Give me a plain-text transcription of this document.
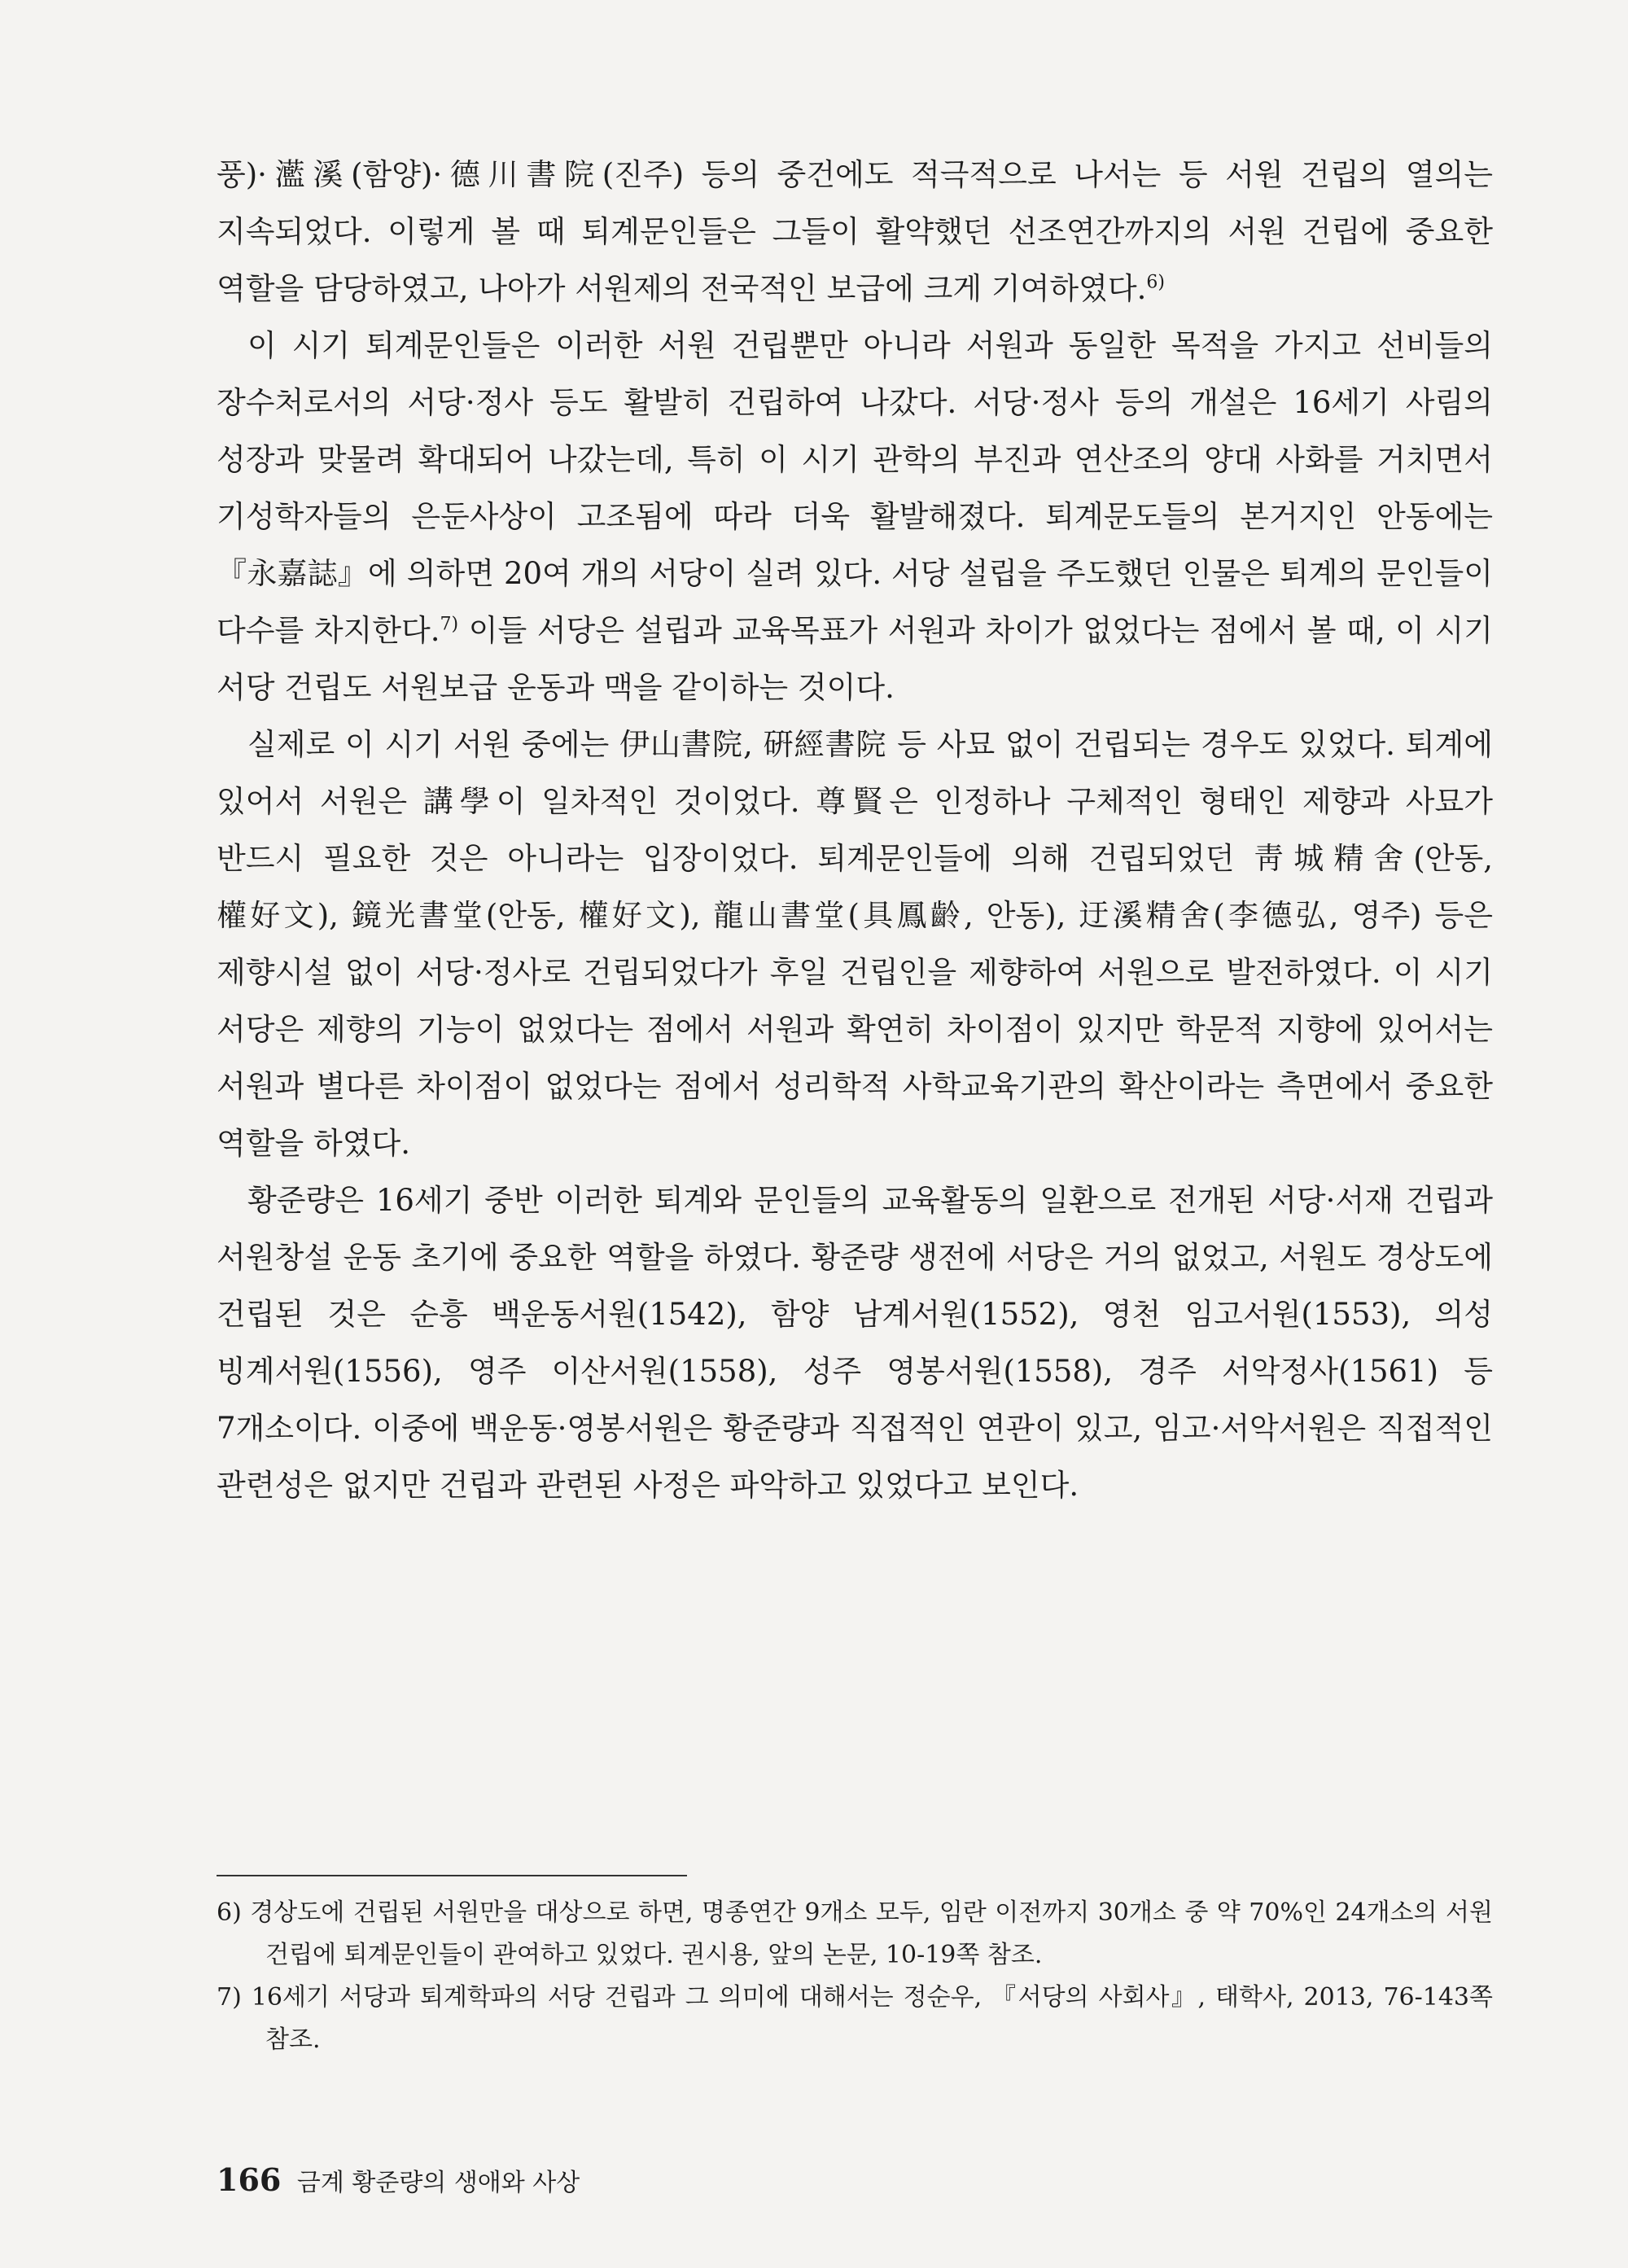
풍)·灆溪(함양)·德川書院(진주) 등의 중건에도 적극적으로 나서는 등 서원 건립의 열의는 지속되었다. 이렇게 볼 때 퇴계문인들은 그들이 활약했던 선조연간까지의 서원 건립에 중요한 역할을 담당하였고, 나아가 서원제의 전국적인 보급에 크게 기여하였다.$^{6)}$

이 시기 퇴계문인들은 이러한 서원 건립뿐만 아니라 서원과 동일한 목적을 가지고 선비들의 장수처로서의 서당·정사 등도 활발히 건립하여 나갔다. 서당·정사 등의 개설은 16세기 사림의 성장과 맞물려 확대되어 나갔는데, 특히 이 시기 관학의 부진과 연산조의 양대 사화를 거치면서 기성학자들의 은둔사상이 고조됨에 따라 더욱 활발해졌다. 퇴계문도들의 본거지인 안동에는 『永嘉誌』에 의하면 20여 개의 서당이 실려 있다. 서당 설립을 주도했던 인물은 퇴계의 문인들이 다수를 차지한다.$^{7)}$ 이들 서당은 설립과 교육목표가 서원과 차이가 없었다는 점에서 볼 때, 이 시기 서당 건립도 서원보급 운동과 맥을 같이하는 것이다.

실제로 이 시기 서원 중에는 伊山書院, 硏經書院 등 사묘 없이 건립되는 경우도 있었다. 퇴계에 있어서 서원은 講學이 일차적인 것이었다. 尊賢은 인정하나 구체적인 형태인 제향과 사묘가 반드시 필요한 것은 아니라는 입장이었다. 퇴계문인들에 의해 건립되었던 靑城精舍(안동, 權好文), 鏡光書堂(안동, 權好文), 龍山書堂(具鳳齡, 안동), 迂溪精舍(李德弘, 영주) 등은 제향시설 없이 서당·정사로 건립되었다가 후일 건립인을 제향하여 서원으로 발전하였다. 이 시기 서당은 제향의 기능이 없었다는 점에서 서원과 확연히 차이점이 있지만 학문적 지향에 있어서는 서원과 별다른 차이점이 없었다는 점에서 성리학적 사학교육기관의 확산이라는 측면에서 중요한 역할을 하였다.

황준량은 16세기 중반 이러한 퇴계와 문인들의 교육활동의 일환으로 전개된 서당·서재 건립과 서원창설 운동 초기에 중요한 역할을 하였다. 황준량 생전에 서당은 거의 없었고, 서원도 경상도에 건립된 것은 순흥 백운동서원(1542), 함양 남계서원(1552), 영천 임고서원(1553), 의성 빙계서원(1556), 영주 이산서원(1558), 성주 영봉서원(1558), 경주 서악정사(1561) 등 7개소이다. 이중에 백운동·영봉서원은 황준량과 직접적인 연관이 있고, 임고·서악서원은 직접적인 관련성은 없지만 건립과 관련된 사정은 파악하고 있었다고 보인다.

6) 경상도에 건립된 서원만을 대상으로 하면, 명종연간 9개소 모두, 임란 이전까지 30개소 중 약 70%인 24개소의 서원 건립에 퇴계문인들이 관여하고 있었다. 권시용, 앞의 논문, 10-19쪽 참조.

7) 16세기 서당과 퇴계학파의 서당 건립과 그 의미에 대해서는 정순우, 『서당의 사회사』, 태학사, 2013, 76-143쪽 참조.

166 금계 황준량의 생애와 사상
